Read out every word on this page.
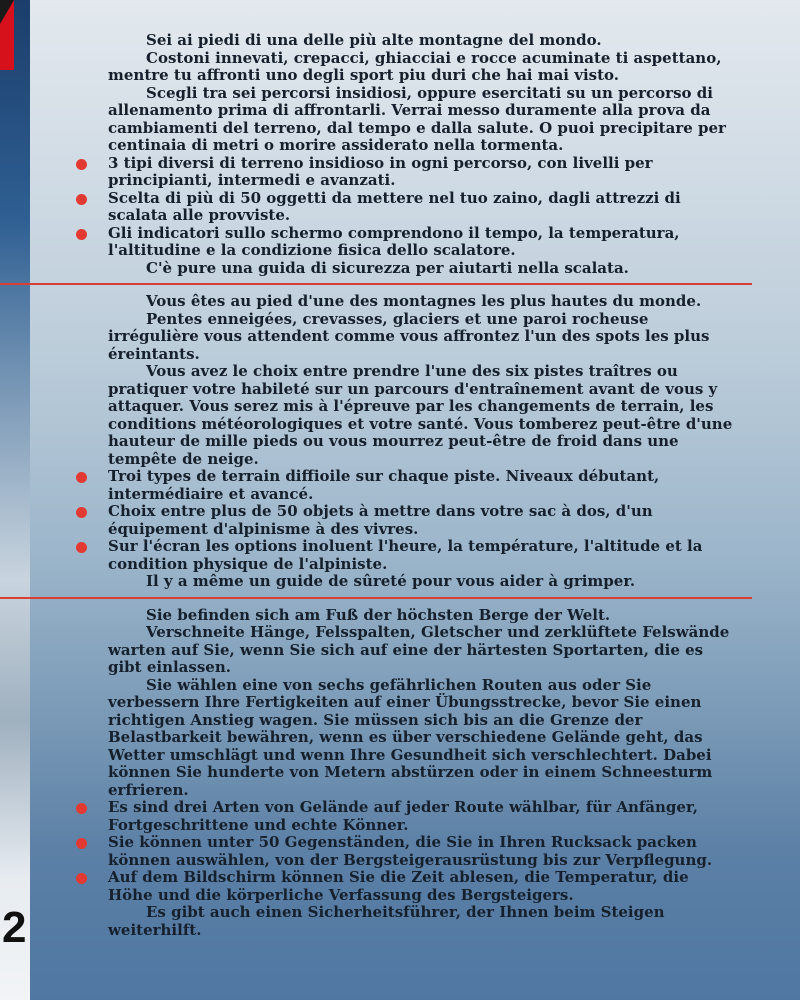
2
Sei ai piedi di una delle più alte montagne del mondo.
Costoni innevati, crepacci, ghiacciai e rocce acuminate ti aspettano, mentre tu affronti uno degli sport piu duri che hai mai visto.
Scegli tra sei percorsi insidiosi, oppure esercitati su un percorso di allenamento prima di affrontarli. Verrai messo duramente alla prova da cambiamenti del terreno, dal tempo e dalla salute. O puoi precipitare per centinaia di metri o morire assiderato nella tormenta.
3 tipi diversi di terreno insidioso in ogni percorso, con livelli per principianti, intermedi e avanzati.
Scelta di più di 50 oggetti da mettere nel tuo zaino, dagli attrezzi di scalata alle provviste.
Gli indicatori sullo schermo comprendono il tempo, la temperatura, l'altitudine e la condizione fisica dello scalatore.
C'è pure una guida di sicurezza per aiutarti nella scalata.
Vous êtes au pied d'une des montagnes les plus hautes du monde.
Pentes enneigées, crevasses, glaciers et une paroi rocheuse irrégulière vous attendent comme vous affrontez l'un des spots les plus éreintants.
Vous avez le choix entre prendre l'une des six pistes traîtres ou pratiquer votre habileté sur un parcours d'entraînement avant de vous y attaquer. Vous serez mis à l'épreuve par les changements de terrain, les conditions météorologiques et votre santé. Vous tomberez peut-être d'une hauteur de mille pieds ou vous mourrez peut-être de froid dans une tempête de neige.
Troi types de terrain diffioile sur chaque piste. Niveaux débutant, intermédiaire et avancé.
Choix entre plus de 50 objets à mettre dans votre sac à dos, d'un équipement d'alpinisme à des vivres.
Sur l'écran les options inoluent l'heure, la température, l'altitude et la condition physique de l'alpiniste.
Il y a même un guide de sûreté pour vous aider à grimper.
Sie befinden sich am Fuß der höchsten Berge der Welt.
Verschneite Hänge, Felsspalten, Gletscher und zerklüftete Felswände warten auf Sie, wenn Sie sich auf eine der härtesten Sportarten, die es gibt einlassen.
Sie wählen eine von sechs gefährlichen Routen aus oder Sie verbessern Ihre Fertigkeiten auf einer Übungsstrecke, bevor Sie einen richtigen Anstieg wagen. Sie müssen sich bis an die Grenze der Belastbarkeit bewähren, wenn es über verschiedene Gelände geht, das Wetter umschlägt und wenn Ihre Gesundheit sich verschlechtert. Dabei können Sie hunderte von Metern abstürzen oder in einem Schneesturm erfrieren.
Es sind drei Arten von Gelände auf jeder Route wählbar, für Anfänger, Fortgeschrittene und echte Könner.
Sie können unter 50 Gegenständen, die Sie in Ihren Rucksack packen können auswählen, von der Bergsteigerausrüstung bis zur Verpflegung.
Auf dem Bildschirm können Sie die Zeit ablesen, die Temperatur, die Höhe und die körperliche Verfassung des Bergsteigers.
Es gibt auch einen Sicherheitsführer, der Ihnen beim Steigen weiterhilft.
